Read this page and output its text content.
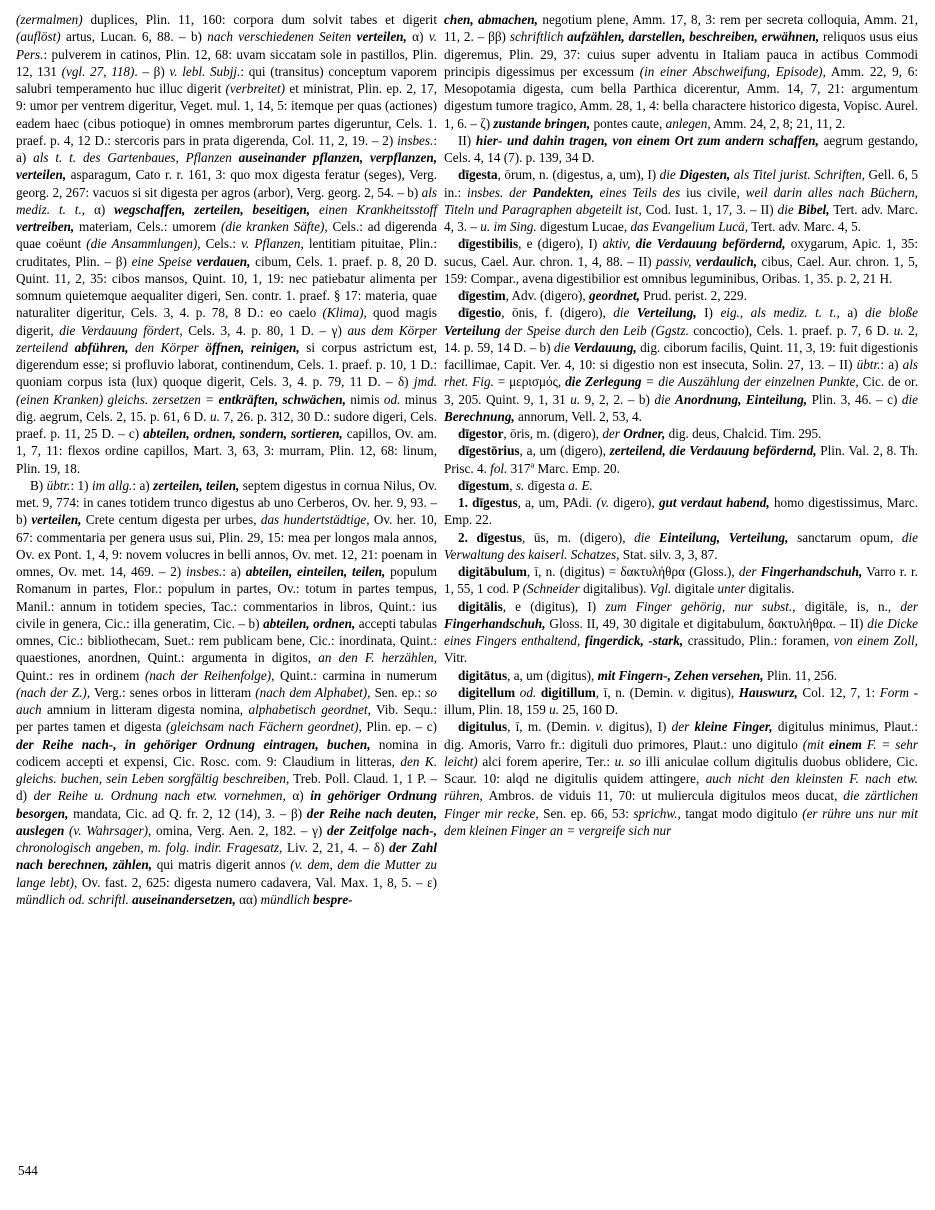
(zermalmen) duplices, Plin. 11, 160: corpora dum solvit tabes et digerit (auflöst) artus, Lucan. 6, 88. – b) nach verschiedenen Seiten verteilen, α) v. Pers.: pulverem in catinos, Plin. 12, 68: uvam siccatam sole in pastillos, Plin. 12, 131 (vgl. 27, 118). – β) v. lebl. Subjj.: qui (transitus) conceptum vaporem salubri temperamento huc illuc digerit (verbreitet) et ministrat, Plin. ep. 2, 17, 9: umor per ventrem digeritur, Veget. mul. 1, 14, 5: itemque per quas (actiones) eadem haec (cibus potioque) in omnes membrorum partes digeruntur, Cels. 1. praef. p. 4, 12 D.: stercoris pars in prata digerenda, Col. 11, 2, 19. – 2) insbes.: a) als t. t. des Gartenbaues, Pflanzen auseinander pflanzen, verpflanzen, verteilen, asparagum, Cato r. r. 161, 3: quo mox digesta feratur (seges), Verg. georg. 2, 267: vacuos si sit digesta per agros (arbor), Verg. georg. 2, 54. – b) als mediz. t. t., α) wegschaffen, zerteilen, beseitigen, einen Krankheitsstoff vertreiben, materiam, Cels.: umorem (die kranken Säfte), Cels.: ad digerenda quae coëunt (die Ansammlungen), Cels.: v. Pflanzen, lentitiam pituitae, Plin.: cruditates, Plin. – β) eine Speise verdauen, cibum, Cels. 1. praef. p. 8, 20 D. Quint. 11, 2, 35: cibos mansos, Quint. 10, 1, 19: nec patiebatur alimenta per somnum quietemque aequaliter digeri, Sen. contr. 1. praef. § 17: materia, quae naturaliter digeritur, Cels. 3, 4. p. 78, 8 D.: eo caelo (Klima), quod magis digerit, die Verdauung fördert, Cels. 3, 4. p. 80, 1 D. – γ) aus dem Körper zerteilend abführen, den Körper öffnen, reinigen, si corpus astrictum est, digerendum esse; si profluvio laborat, continendum, Cels. 1. praef. p. 10, 1 D.: quoniam corpus ista (lux) quoque digerit, Cels. 3, 4. p. 79, 11 D. – δ) jmd. (einen Kranken) gleichs. zersetzen = entkräften, schwächen, nimis od. minus dig. aegrum, Cels. 2, 15. p. 61, 6 D. u. 7, 26. p. 312, 30 D.: sudore digeri, Cels. praef. p. 11, 25 D. – c) abteilen, ordnen, sondern, sortieren, capillos, Ov. am. 1, 7, 11: flexos ordine capillos, Mart. 3, 63, 3: murram, Plin. 12, 68: linum, Plin. 19, 18.

B) übtr.: 1) im allg.: a) zerteilen, teilen, septem digestus in cornua Nilus, Ov. met. 9, 774: in canes totidem trunco digestus ab uno Cerberos, Ov. her. 9, 93. – b) verteilen, Crete centum digesta per urbes, das hundertstädtige, Ov. her. 10, 67: commentaria per genera usus sui, Plin. 29, 15: mea per longos mala annos, Ov. ex Pont. 1, 4, 9: novem volucres in belli annos, Ov. met. 12, 21: poenam in omnes, Ov. met. 14, 469. – 2) insbes.: a) abteilen, einteilen, teilen, populum Romanum in partes, Flor.: populum in partes, Ov.: totum in partes tempus, Manil.: annum in totidem species, Tac.: commentarios in libros, Quint.: ius civile in genera, Cic.: illa generatim, Cic. – b) abteilen, ordnen, accepti tabulas omnes, Cic.: bibliothecam, Suet.: rem publicam bene, Cic.: inordinata, Quint.: quaestiones, anordnen, Quint.: argumenta in digitos, an den F. herzählen, Quint.: res in ordinem (nach der Reihenfolge), Quint.: carmina in numerum (nach der Z.), Verg.: senes orbos in litteram (nach dem Alphabet), Sen. ep.: so auch amnium in litteram digesta nomina, alphabetisch geordnet, Vib. Sequ.: per partes tamen et digesta (gleichsam nach Fächern geordnet), Plin. ep. – c) der Reihe nach-, in gehöriger Ordnung eintragen, buchen, nomina in codicem accepti et expensi, Cic. Rosc. com. 9: Claudium in litteras, den K. gleichs. buchen, sein Leben sorgfältig beschreiben, Treb. Poll. Claud. 1, 1 P. – d) der Reihe u. Ordnung nach etw. vornehmen, α) in gehöriger Ordnung besorgen, mandata, Cic. ad Q. fr. 2, 12 (14), 3. – β) der Reihe nach deuten, auslegen (v. Wahrsager), omina, Verg. Aen. 2, 182. – γ) der Zeitfolge nach-, chronologisch angeben, m. folg. indir. Fragesatz, Liv. 2, 21, 4. – δ) der Zahl nach berechnen, zählen, qui matris digerit annos (v. dem, dem die Mutter zu lange lebt), Ov. fast. 2, 625: digesta numero cadavera, Val. Max. 1, 8, 5. – ε) mündlich od. schriftl. auseinandersetzen, αα) mündlich bespre-

chen, abmachen, negotium plene, Amm. 17, 8, 3: rem per secreta colloquia, Amm. 21, 11, 2. – ββ) schriftlich aufzählen, darstellen, beschreiben, erwähnen, reliquos usus eius digeremus, Plin. 29, 37: cuius super adventu in Italiam pauca in actibus Commodi principis digessimus per excessum (in einer Abschweifung, Episode), Amm. 22, 9, 6: Mesopotamia digesta, cum bella Parthica dicerentur, Amm. 14, 7, 21: argumentum digestum tumore tragico, Amm. 28, 1, 4: bella charactere historico digesta, Vopisc. Aurel. 1, 6. – ζ) zustande bringen, pontes caute, anlegen, Amm. 24, 2, 8; 21, 11, 2.

II) hier- und dahin tragen, von einem Ort zum andern schaffen, aegrum gestando, Cels. 4, 14 (7). p. 139, 34 D.

dīgesta, ōrum, n. (digestus, a, um), I) die Digesten, als Titel jurist. Schriften, Gell. 6, 5 in.: insbes. der Pandekten, eines Teils des ius civile, weil darin alles nach Büchern, Titeln und Paragraphen abgeteilt ist, Cod. Iust. 1, 17, 3. – II) die Bibel, Tert. adv. Marc. 4, 3. – u. im Sing. digestum Lucae, das Evangelium Lucä, Tert. adv. Marc. 4, 5.

dīgestibilis, e (digero), I) aktiv, die Verdauung befördernd, oxygarum, Apic. 1, 35: sucus, Cael. Aur. chron. 1, 4, 88. – II) passiv, verdaulich, cibus, Cael. Aur. chron. 1, 5, 159: Compar., avena digestibilior est omnibus leguminibus, Oribas. 1, 35. p. 2, 21 H.

dīgestim, Adv. (digero), geordnet, Prud. perist. 2, 229.

dīgestio, ōnis, f. (digero), die Verteilung, I) eig., als mediz. t. t., a) die bloße Verteilung der Speise durch den Leib (Ggstz. concoctio), Cels. 1. praef. p. 7, 6 D. u. 2, 14. p. 59, 14 D. – b) die Verdauung, dig. ciborum facilis, Quint. 11, 3, 19: fuit digestionis facillimae, Capit. Ver. 4, 10: si digestio non est insecuta, Solin. 27, 13. – II) übtr.: a) als rhet. Fig. = μερισμός, die Zerlegung = die Auszählung der einzelnen Punkte, Cic. de or. 3, 205. Quint. 9, 1, 31 u. 9, 2, 2. – b) die Anordnung, Einteilung, Plin. 3, 46. – c) die Berechnung, annorum, Vell. 2, 53, 4.

dīgestor, ōris, m. (digero), der Ordner, dig. deus, Chalcid. Tim. 295.

dīgestōrius, a, um (digero), zerteilend, die Verdauung befördernd, Plin. Val. 2, 8. Th. Prisc. 4. fol. 317$^a$ Marc. Emp. 20.

dīgestum, s. dīgesta a. E.

1. dīgestus, a, um, PAdi. (v. digero), gut verdaut habend, homo digestissimus, Marc. Emp. 22.

2. dīgestus, ūs, m. (digero), die Einteilung, Verteilung, sanctarum opum, die Verwaltung des kaiserl. Schatzes, Stat. silv. 3, 3, 87.

digitābulum, ī, n. (digitus) = δακτυλήθρα (Gloss.), der Fingerhandschuh, Varro r. r. 1, 55, 1 cod. P (Schneider digitalibus). Vgl. digitale unter digitalis.

digitālis, e (digitus), I) zum Finger gehörig, nur subst., digitāle, is, n., der Fingerhandschuh, Gloss. II, 49, 30 digitale et digitabulum, δακτυλήθρα. – II) die Dicke eines Fingers enthaltend, fingerdick, -stark, crassitudo, Plin.: foramen, von einem Zoll, Vitr.

digitātus, a, um (digitus), mit Fingern-, Zehen versehen, Plin. 11, 256.

digitellum od. digitillum, ī, n. (Demin. v. digitus), Hauswurz, Col. 12, 7, 1: Form -illum, Plin. 18, 159 u. 25, 160 D.

digitulus, ī, m. (Demin. v. digitus), I) der kleine Finger, digitulus minimus, Plaut.: dig. Amoris, Varro fr.: digituli duo primores, Plaut.: uno digitulo (mit einem F. = sehr leicht) alci forem aperire, Ter.: u. so illi aniculae collum digitulis duobus oblidere, Cic. Scaur. 10: alqd ne digitulis quidem attingere, auch nicht den kleinsten F. nach etw. rühren, Ambros. de viduis 11, 70: ut muliercula digitulos meos ducat, die zärtlichen Finger mir recke, Sen. ep. 66, 53: sprichw., tangat modo digitulo (er rühre uns nur mit dem kleinen Finger an = vergreife sich nur

544
